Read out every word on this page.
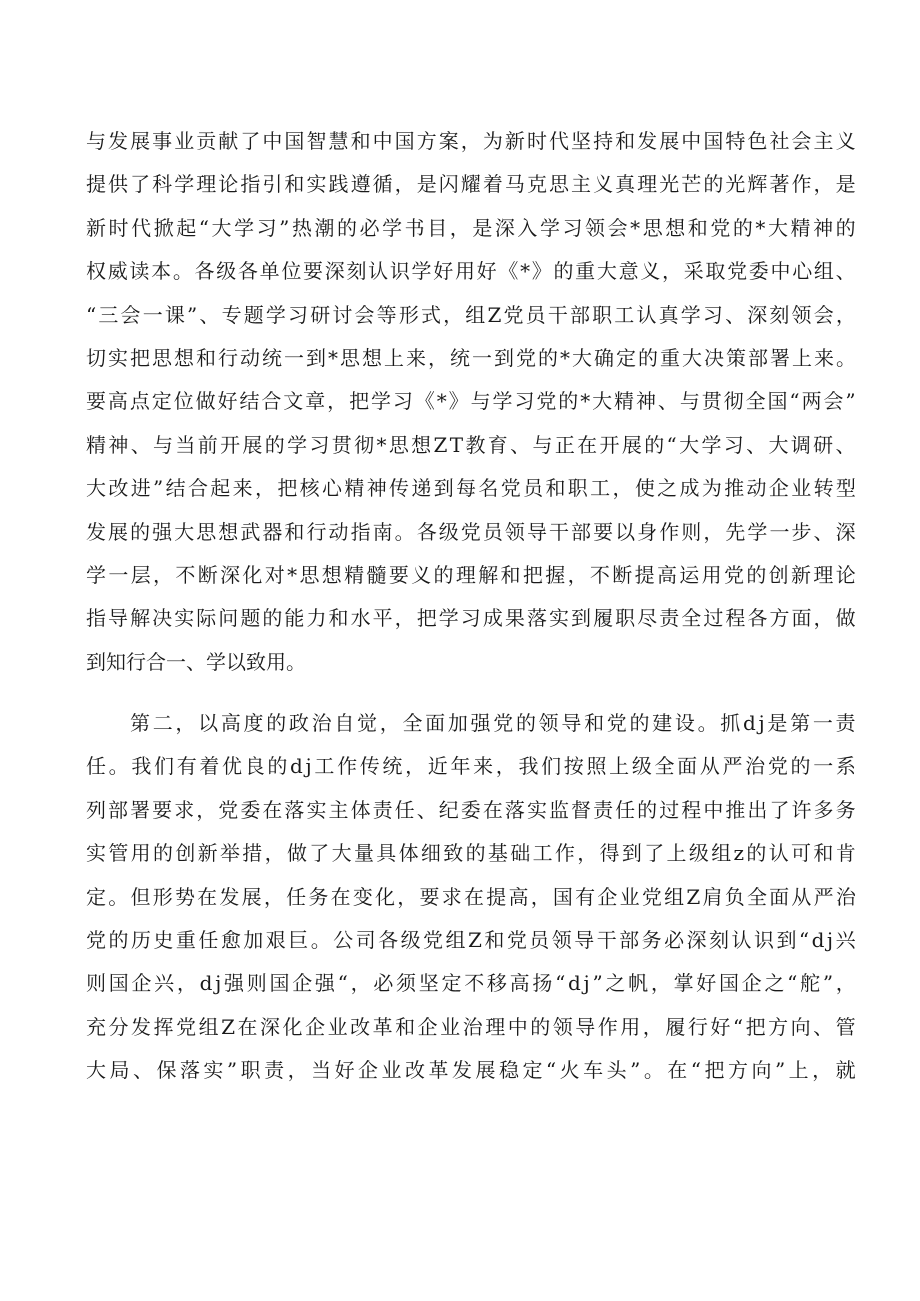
与 发 展 事 业 贡 献 了 中 国 智 慧 和 中 国 方 案 ， 为 新 时 代 坚 持 和 发 展 中 国 特 色 社 会 主 义
提 供 了 科 学 理 论 指 引 和 实 践 遵 循 ， 是 闪 耀 着 马 克 思 主 义 真 理 光 芒 的 光 辉 著 作 ， 是
新 时 代 掀 起 “ 大 学 习 ” 热 潮 的 必 学 书 目 ， 是 深 入 学 习 领 会 * 思 想 和 党 的 * 大 精 神 的
权 威 读 本 。 各 级 各 单 位 要 深 刻 认 识 学 好 用 好 《 * 》 的 重 大 意 义 ， 采 取 党 委 中 心 组 、
“ 三 会 一 课 ” 、 专 题 学 习 研 讨 会 等 形 式 ， 组 Z 党 员 干 部 职 工 认 真 学 习 、 深 刻 领 会 ，
切 实 把 思 想 和 行 动 统 一 到 * 思 想 上 来 ， 统 一 到 党 的 * 大 确 定 的 重 大 决 策 部 署 上 来 。
要 高 点 定 位 做 好 结 合 文 章 ， 把 学 习 《 * 》 与 学 习 党 的 * 大 精 神 、 与 贯 彻 全 国 “ 两 会 ”
精 神 、 与 当 前 开 展 的 学 习 贯 彻 * 思 想 Z T 教 育 、 与 正 在 开 展 的 “ 大 学 习 、 大 调 研 、
大 改 进 ” 结 合 起 来 ， 把 核 心 精 神 传 递 到 每 名 党 员 和 职 工 ， 使 之 成 为 推 动 企 业 转 型
发 展 的 强 大 思 想 武 器 和 行 动 指 南 。 各 级 党 员 领 导 干 部 要 以 身 作 则 ， 先 学 一 步 、 深
学 一 层 ， 不 断 深 化 对 * 思 想 精 髓 要 义 的 理 解 和 把 握 ， 不 断 提 高 运 用 党 的 创 新 理 论
指 导 解 决 实 际 问 题 的 能 力 和 水 平 ， 把 学 习 成 果 落 实 到 履 职 尽 责 全 过 程 各 方 面 ， 做
到知行合一、学以致用。
第 二 ， 以 高 度 的 政 治 自 觉 ， 全 面 加 强 党 的 领 导 和 党 的 建 设 。 抓 d j 是 第 一 责
任 。 我 们 有 着 优 良 的 d j 工 作 传 统 ， 近 年 来 ， 我 们 按 照 上 级 全 面 从 严 治 党 的 一 系
列 部 署 要 求 ， 党 委 在 落 实 主 体 责 任 、 纪 委 在 落 实 监 督 责 任 的 过 程 中 推 出 了 许 多 务
实 管 用 的 创 新 举 措 ， 做 了 大 量 具 体 细 致 的 基 础 工 作 ， 得 到 了 上 级 组 z 的 认 可 和 肯
定 。 但 形 势 在 发 展 ， 任 务 在 变 化 ， 要 求 在 提 高 ， 国 有 企 业 党 组 Z 肩 负 全 面 从 严 治
党 的 历 史 重 任 愈 加 艰 巨 。 公 司 各 级 党 组 Z 和 党 员 领 导 干 部 务 必 深 刻 认 识 到 “ d j 兴
则 国 企 兴 ， d j 强 则 国 企 强 “ ， 必 须 坚 定 不 移 高 扬 “ d j ” 之 帆 ， 掌 好 国 企 之 “ 舵 ” ，
充 分 发 挥 党 组 Z 在 深 化 企 业 改 革 和 企 业 治 理 中 的 领 导 作 用 ， 履 行 好 “ 把 方 向 、 管
大 局 、 保 落 实 ” 职 责 ， 当 好 企 业 改 革 发 展 稳 定 “ 火 车 头 ” 。 在 “ 把 方 向 ” 上 ， 就
